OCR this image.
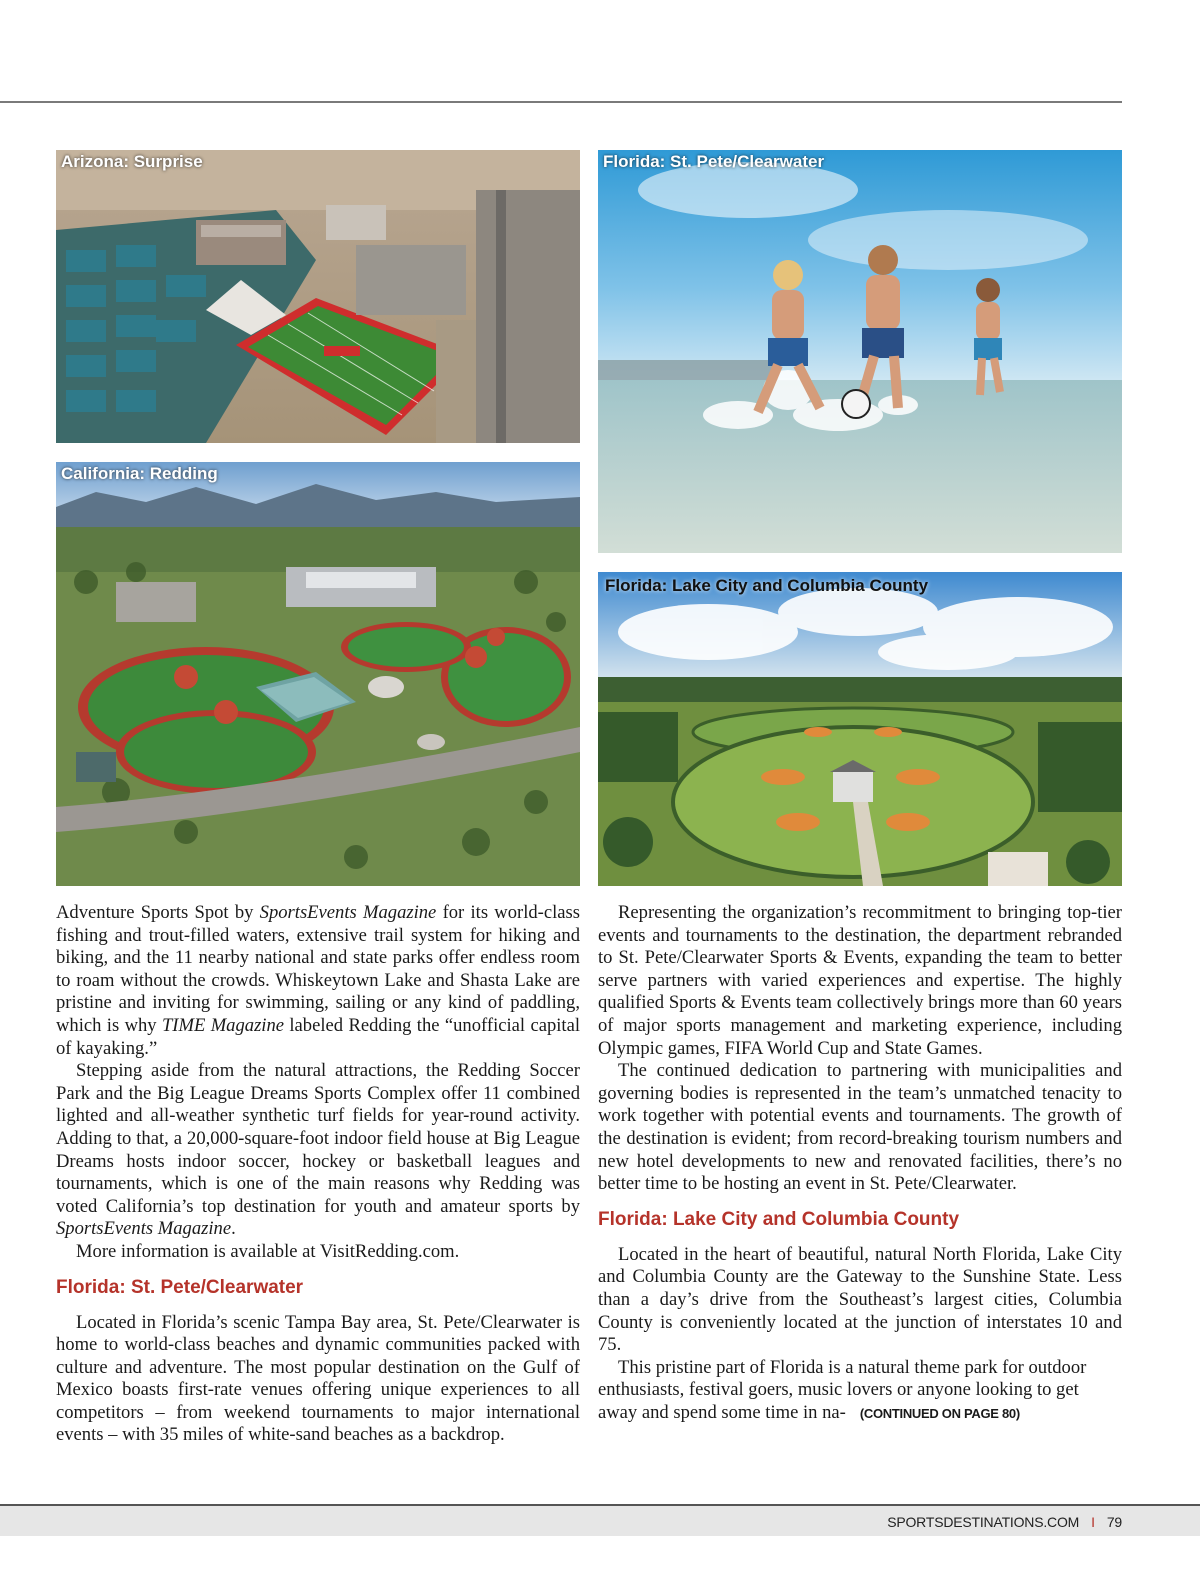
Arizona: Surprise
California: Redding
Florida: St. Pete/Clearwater
Florida: Lake City and Columbia County

Adventure Sports Spot by SportsEvents Magazine for its world-class fishing and trout-filled waters, extensive trail system for hiking and biking, and the 11 nearby national and state parks offer endless room to roam without the crowds. Whiskeytown Lake and Shasta Lake are pristine and inviting for swimming, sailing or any kind of paddling, which is why TIME Magazine labeled Redding the “unofficial capital of kayaking.”

Stepping aside from the natural attractions, the Redding Soccer Park and the Big League Dreams Sports Complex offer 11 combined lighted and all-weather synthetic turf fields for year-round activity. Adding to that, a 20,000-square-foot indoor field house at Big League Dreams hosts indoor soccer, hockey or basketball leagues and tournaments, which is one of the main reasons why Redding was voted California’s top destination for youth and amateur sports by SportsEvents Magazine.

More information is available at VisitRedding.com.

Florida: St. Pete/Clearwater

Located in Florida’s scenic Tampa Bay area, St. Pete/Clearwater is home to world-class beaches and dynamic communities packed with culture and adventure. The most popular destination on the Gulf of Mexico boasts first-rate venues offering unique experiences to all competitors – from weekend tournaments to major international events – with 35 miles of white-sand beaches as a backdrop.

Representing the organization’s recommitment to bringing top-tier events and tournaments to the destination, the department rebranded to St. Pete/Clearwater Sports & Events, expanding the team to better serve partners with varied experiences and expertise. The highly qualified Sports & Events team collectively brings more than 60 years of major sports management and marketing experience, including Olympic games, FIFA World Cup and State Games.

The continued dedication to partnering with municipalities and governing bodies is represented in the team’s unmatched tenacity to work together with potential events and tournaments. The growth of the destination is evident; from record-breaking tourism numbers and new hotel developments to new and renovated facilities, there’s no better time to be hosting an event in St. Pete/Clearwater.

Florida: Lake City and Columbia County

Located in the heart of beautiful, natural North Florida, Lake City and Columbia County are the Gateway to the Sunshine State. Less than a day’s drive from the Southeast’s largest cities, Columbia County is conveniently located at the junction of interstates 10 and 75.

This pristine part of Florida is a natural theme park for outdoor enthusiasts, festival goers, music lovers or anyone looking to get away and spend some time in na- (CONTINUED ON PAGE 80)

SPORTSDESTINATIONS.COM I 79
